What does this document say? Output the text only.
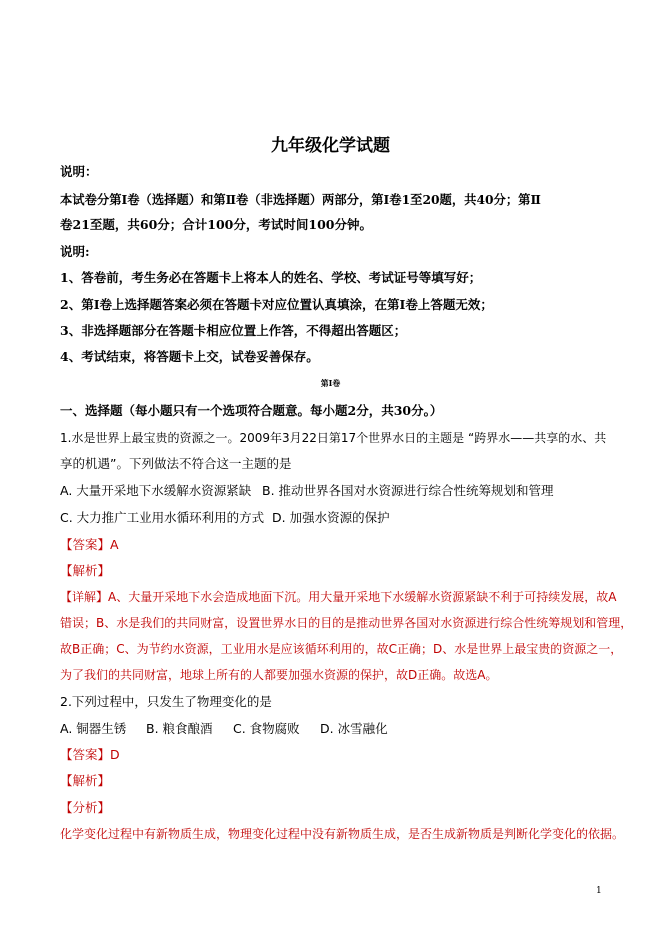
九年级化学试题
说明：
本试卷分第Ⅰ卷（选择题）和第Ⅱ卷（非选择题）两部分，第Ⅰ卷1至20题，共40分；第Ⅱ
卷21至题，共60分；合计100分，考试时间100分钟。
说明:
1、答卷前，考生务必在答题卡上将本人的姓名、学校、考试证号等填写好；
2、第Ⅰ卷上选择题答案必须在答题卡对应位置认真填涂，在第Ⅰ卷上答题无效；
3、非选择题部分在答题卡相应位置上作答，不得超出答题区；
4、考试结束，将答题卡上交，试卷妥善保存。
第Ⅰ卷
一、选择题（每小题只有一个选项符合题意。每小题2分，共30分。）
1.水是世界上最宝贵的资源之一。2009年3月22日第17个世界水日的主题是 “跨界水——共享的水、共
享的机遇”。下列做法不符合这一主题的是
A. 大量开采地下水缓解水资源紧缺 B. 推动世界各国对水资源进行综合性统筹规划和管理
C. 大力推广工业用水循环利用的方式 D. 加强水资源的保护
【答案】A
【解析】
【详解】A、大量开采地下水会造成地面下沉。用大量开采地下水缓解水资源紧缺不利于可持续发展，故A
错误；B、水是我们的共同财富，设置世界水日的目的是推动世界各国对水资源进行综合性统筹规划和管理，
故B正确；C、为节约水资源，工业用水是应该循环利用的，故C正确；D、水是世界上最宝贵的资源之一，
为了我们的共同财富，地球上所有的人都要加强水资源的保护，故D正确。故选A。
2.下列过程中，只发生了物理变化的是
A. 铜器生锈 B. 粮食酿酒 C. 食物腐败 D. 冰雪融化
【答案】D
【解析】
【分析】
化学变化过程中有新物质生成，物理变化过程中没有新物质生成，是否生成新物质是判断化学变化的依据。
1
